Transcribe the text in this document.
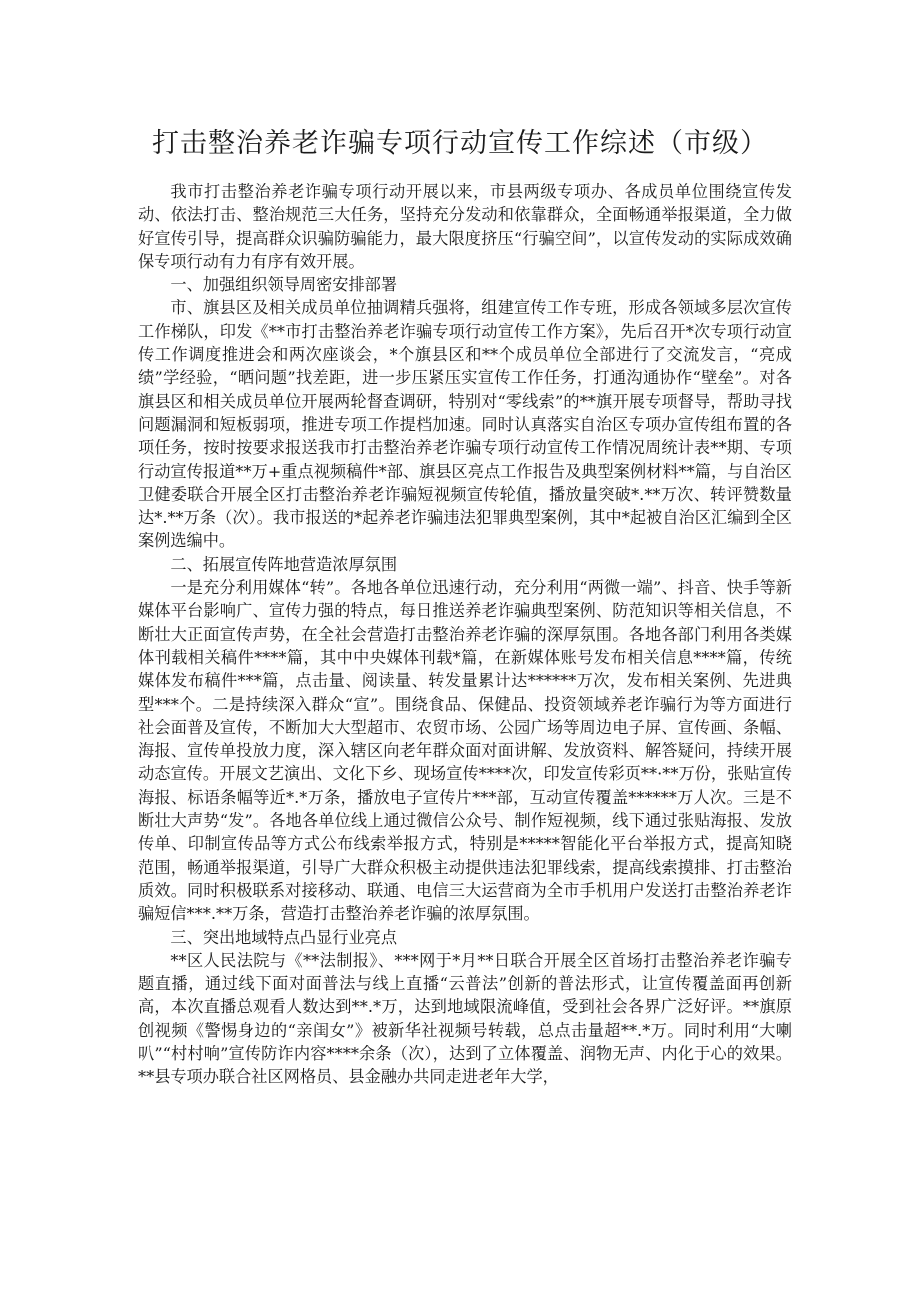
打击整治养老诈骗专项行动宣传工作综述（市级）

我市打击整治养老诈骗专项行动开展以来，市县两级专项办、各成员单位围绕宣传发动、依法打击、整治规范三大任务，坚持充分发动和依靠群众，全面畅通举报渠道，全力做好宣传引导，提高群众识骗防骗能力，最大限度挤压“行骗空间”，以宣传发动的实际成效确保专项行动有力有序有效开展。

一、加强组织领导周密安排部署

市、旗县区及相关成员单位抽调精兵强将，组建宣传工作专班，形成各领域多层次宣传工作梯队，印发《**市打击整治养老诈骗专项行动宣传工作方案》，先后召开*次专项行动宣传工作调度推进会和两次座谈会，*个旗县区和**个成员单位全部进行了交流发言，“亮成绩”学经验，“晒问题”找差距，进一步压紧压实宣传工作任务，打通沟通协作“壁垒”。对各旗县区和相关成员单位开展两轮督查调研，特别对“零线索”的**旗开展专项督导，帮助寻找问题漏洞和短板弱项，推进专项工作提档加速。同时认真落实自治区专项办宣传组布置的各项任务，按时按要求报送我市打击整治养老诈骗专项行动宣传工作情况周统计表**期、专项行动宣传报道**万+重点视频稿件*部、旗县区亮点工作报告及典型案例材料**篇，与自治区卫健委联合开展全区打击整治养老诈骗短视频宣传轮值，播放量突破*.**万次、转评赞数量达*.**万条（次）。我市报送的*起养老诈骗违法犯罪典型案例，其中*起被自治区汇编到全区案例选编中。

二、拓展宣传阵地营造浓厚氛围

一是充分利用媒体“转”。各地各单位迅速行动，充分利用“两微一端”、抖音、快手等新媒体平台影响广、宣传力强的特点，每日推送养老诈骗典型案例、防范知识等相关信息，不断壮大正面宣传声势，在全社会营造打击整治养老诈骗的深厚氛围。各地各部门利用各类媒体刊载相关稿件****篇，其中中央媒体刊载*篇，在新媒体账号发布相关信息****篇，传统媒体发布稿件***篇，点击量、阅读量、转发量累计达******万次，发布相关案例、先进典型***个。二是持续深入群众“宣”。围绕食品、保健品、投资领域养老诈骗行为等方面进行社会面普及宣传，不断加大大型超市、农贸市场、公园广场等周边电子屏、宣传画、条幅、海报、宣传单投放力度，深入辖区向老年群众面对面讲解、发放资料、解答疑问，持续开展动态宣传。开展文艺演出、文化下乡、现场宣传****次，印发宣传彩页**·**万份，张贴宣传海报、标语条幅等近*.*万条，播放电子宣传片***部，互动宣传覆盖******万人次。三是不断壮大声势“发”。各地各单位线上通过微信公众号、制作短视频，线下通过张贴海报、发放传单、印制宣传品等方式公布线索举报方式，特别是*****智能化平台举报方式，提高知晓范围，畅通举报渠道，引导广大群众积极主动提供违法犯罪线索，提高线索摸排、打击整治质效。同时积极联系对接移动、联通、电信三大运营商为全市手机用户发送打击整治养老诈骗短信***.**万条，营造打击整治养老诈骗的浓厚氛围。

三、突出地域特点凸显行业亮点

**区人民法院与《**法制报》、***网于*月**日联合开展全区首场打击整治养老诈骗专题直播，通过线下面对面普法与线上直播“云普法”创新的普法形式，让宣传覆盖面再创新高，本次直播总观看人数达到**.*万，达到地域限流峰值，受到社会各界广泛好评。**旗原创视频《警惕身边的“亲闺女”》被新华社视频号转载，总点击量超**.*万。同时利用“大喇叭”“村村响”宣传防诈内容****余条（次），达到了立体覆盖、润物无声、内化于心的效果。**县专项办联合社区网格员、县金融办共同走进老年大学，
